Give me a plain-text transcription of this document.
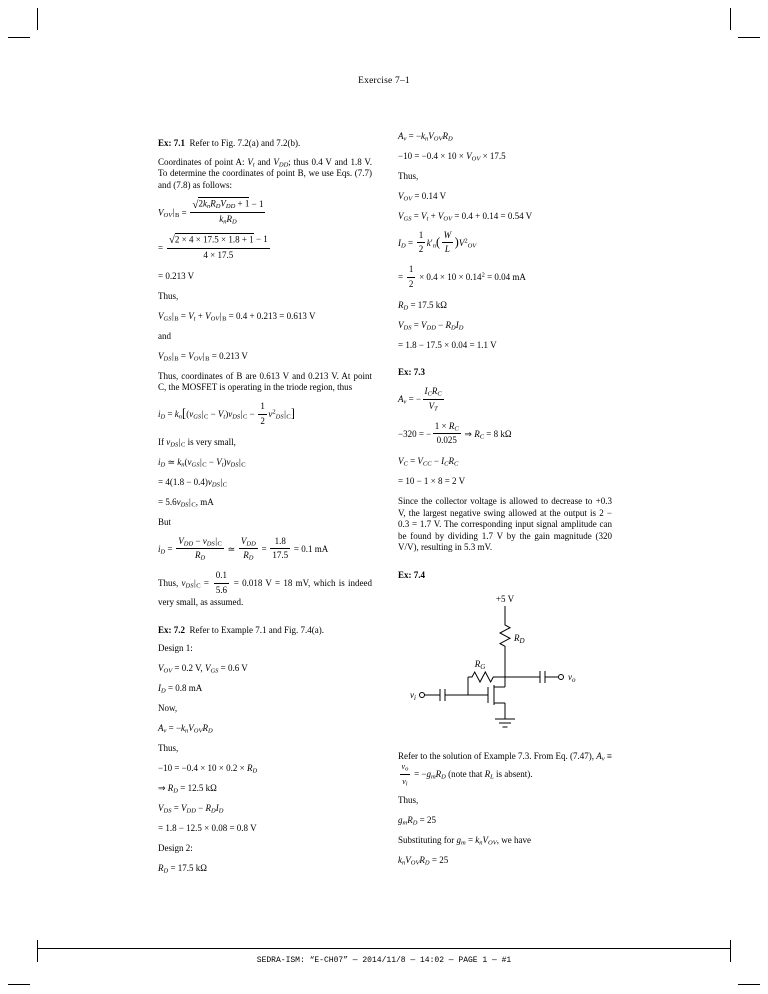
Exercise 7–1
Ex: 7.1  Refer to Fig. 7.2(a) and 7.2(b).
Coordinates of point A: $V_t$ and $V_{DD}$; thus 0.4 V and 1.8 V. To determine the coordinates of point B, we use Eqs. (7.7) and (7.8) as follows:
$V_{OV}|_B$ =
$√2k_nR_DV_{DD} + 1 - 1$
$k_nR_D$
= $\frac{√2 \times 4 \times 17.5 \times 1.8 + 1 - 1}{4 \times 17.5}$
= 0.213 V
Thus,
$V_{GS}|_B = V_t + V_{OV}|_B = 0.4 + 0.213 = 0.613$ V
and
$V_{DS}|_B = V_{OV}|_B = 0.213$ V
Thus, coordinates of B are 0.613 V and 0.213 V. At point C, the MOSFET is operating in the triode region, thus
$i_D = k_n[(v_{GS}|_C - V_t)v_{DS}|_C - \frac{1}{2} v^2_{DS}|_C]$
If $v_{DS}|_C$ is very small,
$i_D$ ≃ $k_n(v_{GS}|_C - V_t)v_{DS}|_C$
= $4(1.8 - 0.4)v_{DS}|_C$
= $5.6v_{DS}|_C$, mA
But
$i_D$ =
$V_{DD} - v_{DS}|_C$
$R_D$
≃
$V_{DD}$
$R_D$
= $\frac{1.8}{17.5} = 0.1$ mA
Thus, $v_{DS}|_C = \frac{0.1}{5.6} = 0.018$ V = 18 mV, which is indeed very small, as assumed.
Ex: 7.2  Refer to Example 7.1 and Fig. 7.4(a).
Design 1:
$V_{OV} = 0.2$ V, $V_{GS} = 0.6$ V
$I_D = 0.8$ mA
Now,
$A_v = -k_nV_{OV}R_D$
Thus,
$-10 = -0.4 \times 10 \times 0.2 \times R_D$
⇒ $R_D = 12.5$ kΩ
$V_{DS} = V_{DD} - R_DI_D$
= 1.8 − 12.5 × 0.08 = 0.8 V
Design 2:
$R_D = 17.5$ kΩ
$A_v = -k_nV_{OV}R_D$
$-10 = -0.4 \times 10 \times V_{OV} \times 17.5$
Thus,
$V_{OV} = 0.14$ V
$V_{GS} = V_t + V_{OV} = 0.4 + 0.14 = 0.54$ V
$I_D = \frac{1}{2} k'_n( \frac{W}{L} )V^2_{OV}$
= $\frac{1}{2} \times 0.4 \times 10 \times 0.14^2 = 0.04$ mA
$R_D = 17.5$ kΩ
$V_{DS} = V_{DD} - R_DI_D$
= 1.8 − 17.5 × 0.04 = 1.1 V
Ex: 7.3
$A_v$ = −
$I_CR_C$
$V_T$
−320 = − $\frac{1 \times R_C}{0.025}$ ⇒ $R_C = 8$ kΩ
$V_C = V_{CC} - I_CR_C$
= 10 − 1 × 8 = 2 V
Since the collector voltage is allowed to decrease to +0.3 V, the largest negative swing allowed at the output is 2 − 0.3 = 1.7 V. The corresponding input signal amplitude can be found by dividing 1.7 V by the gain magnitude (320 V/V), resulting in 5.3 mV.
Ex: 7.4
+5 V
$R_D$
$v_o$
$R_G$
$v_i$
Refer to the solution of Example 7.3. From Eq. (7.47), $A_v$ ≡
$\frac{v_o}{v_i} = -g_mR_D$ (note that $R_L$ is absent).
Thus,
$g_mR_D = 25$
Substituting for $g_m = k_nV_{OV}$, we have
$k_nV_{OV}R_D = 25$
SEDRA-ISM: “E-CH07” — 2014/11/8 — 14:02 — PAGE 1 — #1
